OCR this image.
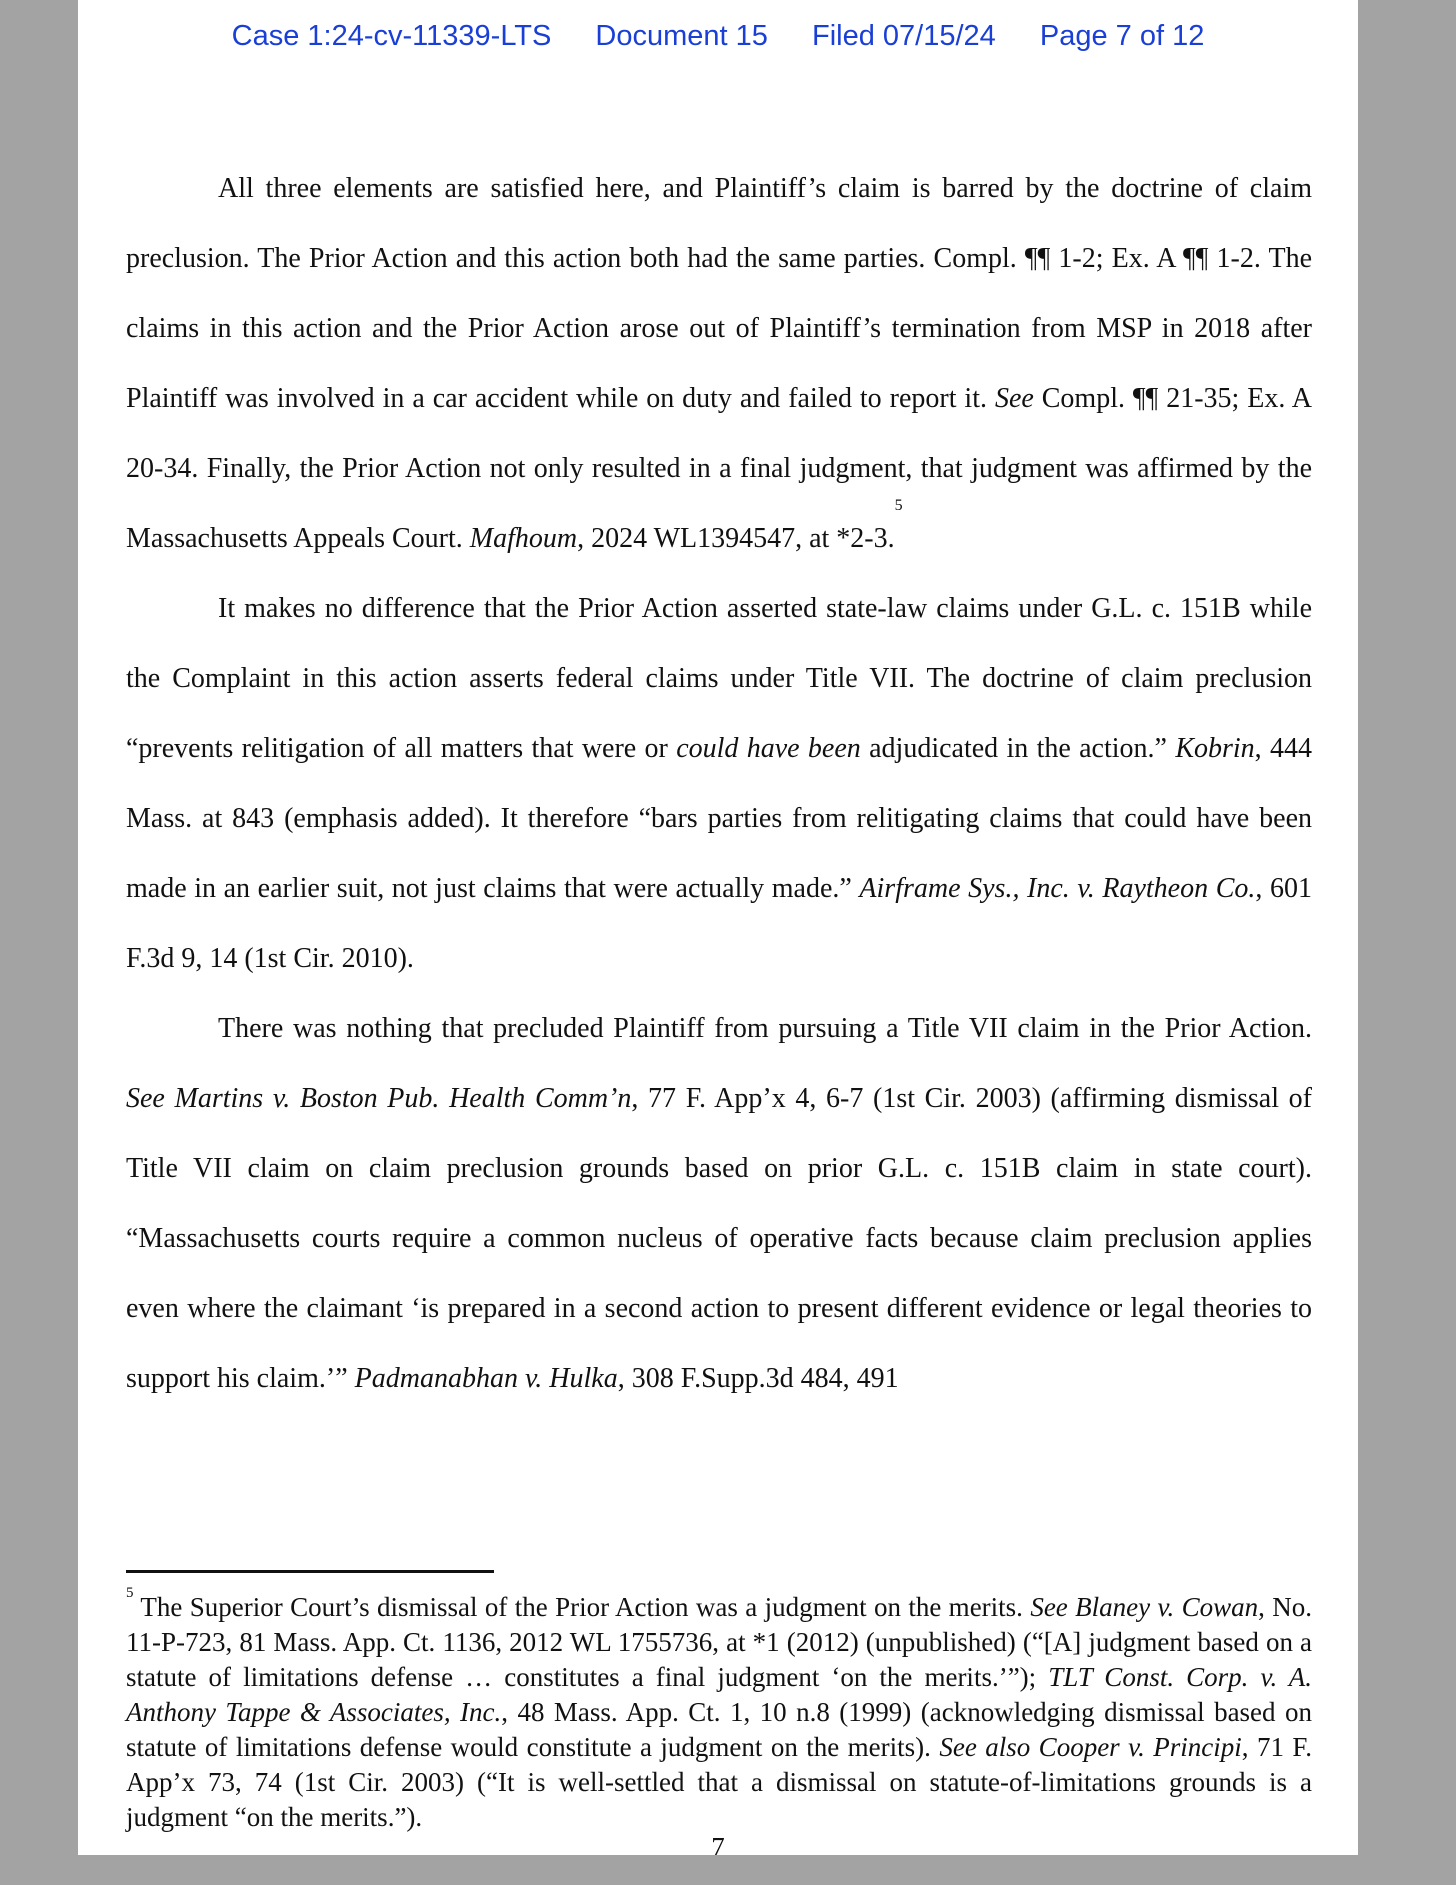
Case 1:24-cv-11339-LTS Document 15 Filed 07/15/24 Page 7 of 12

All three elements are satisfied here, and Plaintiff’s claim is barred by the doctrine of claim preclusion. The Prior Action and this action both had the same parties. Compl. ¶¶ 1-2; Ex. A ¶¶ 1-2. The claims in this action and the Prior Action arose out of Plaintiff’s termination from MSP in 2018 after Plaintiff was involved in a car accident while on duty and failed to report it. See Compl. ¶¶ 21-35; Ex. A 20-34. Finally, the Prior Action not only resulted in a final judgment, that judgment was affirmed by the Massachusetts Appeals Court. Mafhoum, 2024 WL1394547, at *2-3.$^5$

It makes no difference that the Prior Action asserted state-law claims under G.L. c. 151B while the Complaint in this action asserts federal claims under Title VII. The doctrine of claim preclusion “prevents relitigation of all matters that were or could have been adjudicated in the action.” Kobrin, 444 Mass. at 843 (emphasis added). It therefore “bars parties from relitigating claims that could have been made in an earlier suit, not just claims that were actually made.” Airframe Sys., Inc. v. Raytheon Co., 601 F.3d 9, 14 (1st Cir. 2010).

There was nothing that precluded Plaintiff from pursuing a Title VII claim in the Prior Action. See Martins v. Boston Pub. Health Comm’n, 77 F. App’x 4, 6-7 (1st Cir. 2003) (affirming dismissal of Title VII claim on claim preclusion grounds based on prior G.L. c. 151B claim in state court). “Massachusetts courts require a common nucleus of operative facts because claim preclusion applies even where the claimant ‘is prepared in a second action to present different evidence or legal theories to support his claim.’” Padmanabhan v. Hulka, 308 F.Supp.3d 484, 491

$^5$ The Superior Court’s dismissal of the Prior Action was a judgment on the merits. See Blaney v. Cowan, No. 11-P-723, 81 Mass. App. Ct. 1136, 2012 WL 1755736, at *1 (2012) (unpublished) (“[A] judgment based on a statute of limitations defense … constitutes a final judgment ‘on the merits.’”); TLT Const. Corp. v. A. Anthony Tappe & Associates, Inc., 48 Mass. App. Ct. 1, 10 n.8 (1999) (acknowledging dismissal based on statute of limitations defense would constitute a judgment on the merits). See also Cooper v. Principi, 71 F. App’x 73, 74 (1st Cir. 2003) (“It is well-settled that a dismissal on statute-of-limitations grounds is a judgment “on the merits.”).
7
